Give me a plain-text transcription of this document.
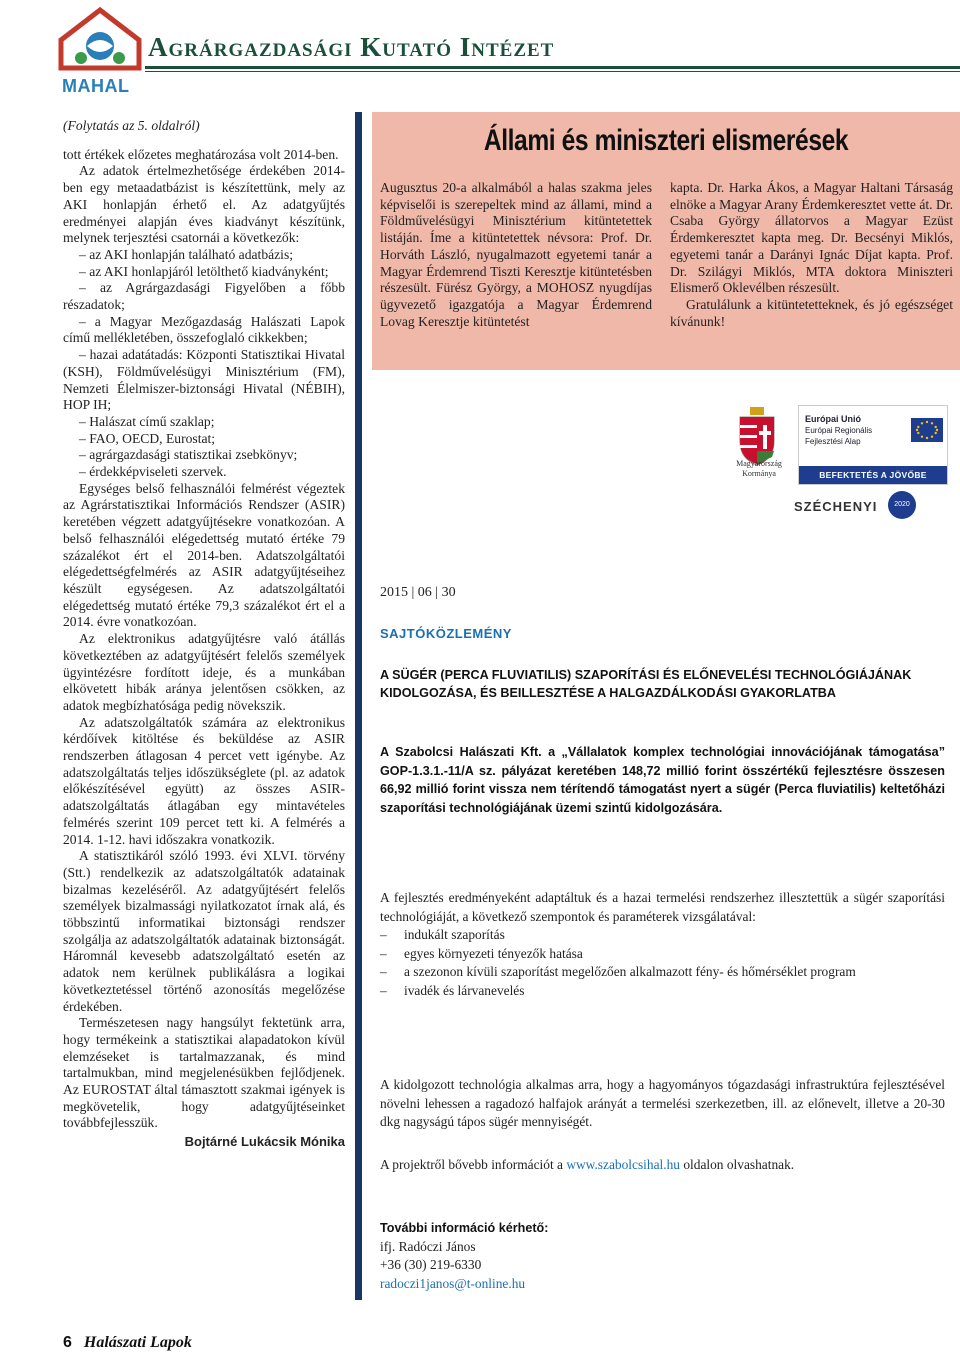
MAHAL
Agrárgazdasági Kutató Intézet

(Folytatás az 5. oldalról)

tott értékek előzetes meghatározása volt 2014-ben.

Az adatok értelmezhetősége érdekében 2014-ben egy metaadatbázist is készítettünk, mely az AKI honlapján érhető el. Az adatgyűjtés eredményei alapján éves kiadványt készítünk, melynek terjesztési csatornái a következők:

– az AKI honlapján található adatbázis;

– az AKI honlapjáról letölthető kiadványként;

– az Agrárgazdasági Figyelőben a főbb részadatok;

– a Magyar Mezőgazdaság Halászati Lapok című mellékletében, összefoglaló cikkekben;

– hazai adatátadás: Központi Statisztikai Hivatal (KSH), Földművelésügyi Minisztérium (FM), Nemzeti Élelmiszer-biztonsági Hivatal (NÉBIH), HOP IH;

– Halászat című szaklap;

– FAO, OECD, Eurostat;

– agrárgazdasági statisztikai zsebkönyv;

– érdekképviseleti szervek.

Egységes belső felhasználói felmérést végeztek az Agrárstatisztikai Információs Rendszer (ASIR) keretében végzett adatgyűjtésekre vonatkozóan. A belső felhasználói elégedettség mutató értéke 79 százalékot ért el 2014-ben. Adatszolgáltatói elégedettségfelmérés az ASIR adatgyűjtéseihez készült egységesen. Az adatszolgáltatói elégedettség mutató értéke 79,3 százalékot ért el a 2014. évre vonatkozóan.

Az elektronikus adatgyűjtésre való átállás következtében az adatgyűjtésért felelős személyek ügyintézésre fordított ideje, és a munkában elkövetett hibák aránya jelentősen csökken, az adatok megbízhatósága pedig növekszik.

Az adatszolgáltatók számára az elektronikus kérdőívek kitöltése és beküldése az ASIR rendszerben átlagosan 4 percet vett igénybe. Az adatszolgáltatás teljes időszükséglete (pl. az adatok előkészítésével együtt) az összes ASIR-adatszolgáltatás átlagában egy mintavételes felmérés szerint 109 percet tett ki. A felmérés a 2014. 1-12. havi időszakra vonatkozik.

A statisztikáról szóló 1993. évi XLVI. törvény (Stt.) rendelkezik az adatszolgáltatók adatainak bizalmas kezeléséről. Az adatgyűjtésért felelős személyek bizalmassági nyilatkozatot írnak alá, és többszintű informatikai biztonsági rendszer szolgálja az adatszolgáltatók adatainak biztonságát. Háromnál kevesebb adatszolgáltató esetén az adatok nem kerülnek publikálásra a logikai következtetéssel történő azonosítás megelőzése érdekében.

Természetesen nagy hangsúlyt fektetünk arra, hogy termékeink a statisztikai alapadatokon kívül elemzéseket is tartalmazzanak, és mind tartalmukban, mind megjelenésükben fejlődjenek. Az EUROSTAT által támasztott szakmai igények is megkövetelik, hogy adatgyűjtéseinket továbbfejlesszük.

Bojtárné Lukácsik Mónika

Állami és miniszteri elismerések

Augusztus 20-a alkalmából a halas szakma jeles képviselői is szerepeltek mind az állami, mind a Földművelésügyi Minisztérium kitüntetettek listáján. Íme a kitüntetettek névsora: Prof. Dr. Horváth László, nyugalmazott egyetemi tanár a Magyar Érdemrend Tiszti Keresztje kitüntetésben részesült. Fürész György, a MOHOSZ nyugdíjas ügyvezető igazgatója a Magyar Érdemrend Lovag Keresztje kitüntetést

kapta. Dr. Harka Ákos, a Magyar Haltani Társaság elnöke a Magyar Arany Érdemkeresztet vette át. Dr. Csaba György állatorvos a Magyar Ezüst Érdemkeresztet kapta meg. Dr. Becsényi Miklós, egyetemi tanár a Darányi Ignác Díjat kapta. Prof. Dr. Szilágyi Miklós, MTA doktora Miniszteri Elismerő Oklevélben részesült.

Gratulálunk a kitüntetetteknek, és jó egészséget kívánunk!

Magyarország Kormánya
Európai Unió
Európai Regionális
Fejlesztési Alap
BEFEKTETÉS A JÖVŐBE
SZÉCHENYI	2020
2015 | 06 | 30
SAJTÓKÖZLEMÉNY
A SÜGÉR (PERCA FLUVIATILIS) SZAPORÍTÁSI ÉS ELŐNEVELÉSI TECHNOLÓGIÁJÁNAK KIDOLGOZÁSA, ÉS BEILLESZTÉSE A HALGAZDÁLKODÁSI GYAKORLATBA
A Szabolcsi Halászati Kft. a „Vállalatok komplex technológiai innovációjának támogatása” GOP-1.3.1.-11/A sz. pályázat keretében 148,72 millió forint összértékű fejlesztésre összesen 66,92 millió forint vissza nem térítendő támogatást nyert a sügér (Perca fluviatilis) keltetőházi szaporítási technológiájának üzemi szintű kidolgozására.

A fejlesztés eredményeként adaptáltuk és a hazai termelési rendszerhez illesztettük a sügér szaporítási technológiáját, a következő szempontok és paraméterek vizsgálatával:

– indukált szaporítás
– egyes környezeti tényezők hatása
– a szezonon kívüli szaporítást megelőzően alkalmazott fény- és hőmérséklet program
– ivadék és lárvanevelés
A kidolgozott technológia alkalmas arra, hogy a hagyományos tógazdasági infrastruktúra fejlesztésével növelni lehessen a ragadozó halfajok arányát a termelési szerkezetben, ill. az előnevelt, illetve a 20-30 dkg nagyságú tápos sügér mennyiségét.
A projektről bővebb információt a www.szabolcsihal.hu oldalon olvashatnak.
További információ kérhető:
ifj. Radóczi János
+36 (30) 219-6330
radoczi1janos@t-online.hu
6 Halászati Lapok
